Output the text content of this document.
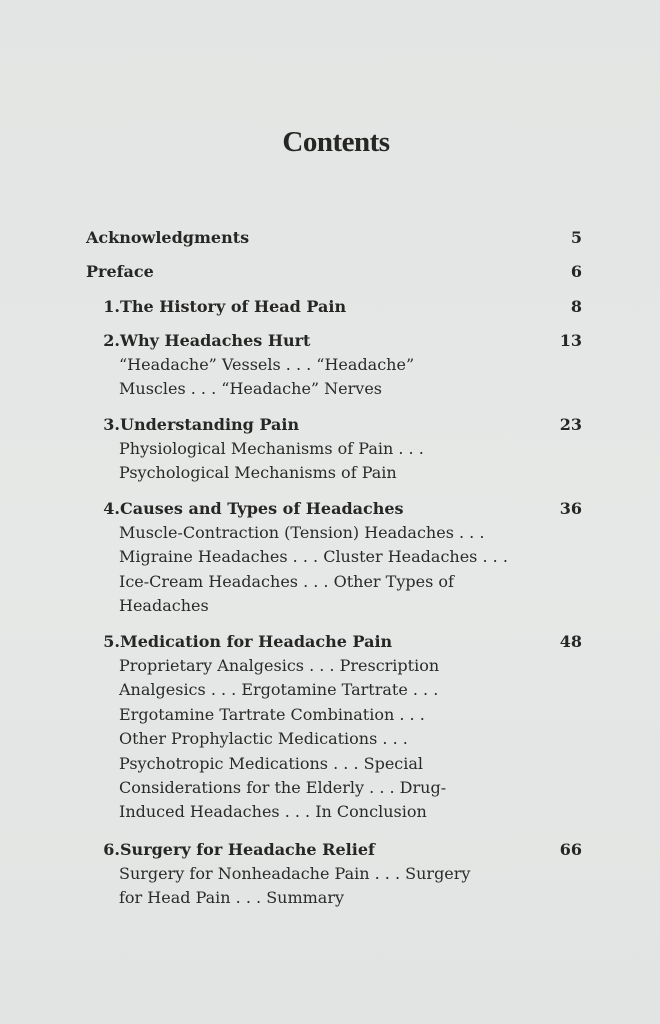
Contents
Acknowledgments	5
Preface	6
1. The History of Head Pain	8
2. Why Headaches Hurt	13
“Headache” Vessels . . . “Headache”
Muscles . . . “Headache” Nerves
3. Understanding Pain	23
Physiological Mechanisms of Pain . . .
Psychological Mechanisms of Pain
4. Causes and Types of Headaches	36
Muscle-Contraction (Tension) Headaches . . .
Migraine Headaches . . . Cluster Headaches . . .
Ice-Cream Headaches . . . Other Types of
Headaches
5. Medication for Headache Pain	48
Proprietary Analgesics . . . Prescription
Analgesics . . . Ergotamine Tartrate . . .
Ergotamine Tartrate Combination . . .
Other Prophylactic Medications . . .
Psychotropic Medications . . . Special
Considerations for the Elderly . . . Drug-
Induced Headaches . . . In Conclusion
6. Surgery for Headache Relief	66
Surgery for Nonheadache Pain . . . Surgery
for Head Pain . . . Summary
